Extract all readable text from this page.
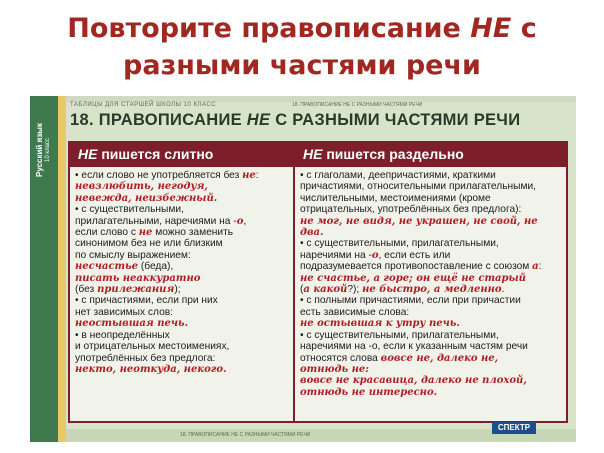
Повторите правописание НЕ с
разными частями речи
Русский язык 10 класс
ТАБЛИЦЫ ДЛЯ СТАРШЕЙ ШКОЛЫ 10 КЛАСС	18. ПРАВОПИСАНИЕ НЕ С РАЗНЫМИ ЧАСТЯМИ РЕЧИ
18. ПРАВОПИСАНИЕ НЕ С РАЗНЫМИ ЧАСТЯМИ РЕЧИ
НЕ пишется слитно	НЕ пишется раздельно
• если слово не употребляется без не:
невзлюбить, негодуя,
невежда, неизбежный.
• с существительными,
прилагательными, наречиями на -о,
если слово с не можно заменить
синонимом без не или близким
по смыслу выражением:
несчастье (беда),
писать неаккуратно
(без прилежания);
• с причастиями, если при них
нет зависимых слов:
неостывшая печь.
• в неопределённых
и отрицательных местоимениях,
употреблённых без предлога:
некто, неоткуда, некого.
• с глаголами, деепричастиями, краткими
причастиями, относительными прилагательными,
числительными, местоимениями (кроме
отрицательных, употреблённых без предлога):
не мог, не видя, не украшен, не свой, не два.
• с существительными, прилагательными,
наречиями на -о, если есть или
подразумевается противопоставление с союзом а:
не счастье, а горе; он ещё не старый
(а какой?); не быстро, а медленно.
• с полными причастиями, если при причастии
есть зависимые слова:
не остывшая к утру печь.
• с существительными, прилагательными,
наречиями на -о, если к указанным частям речи
относятся слова вовсе не, далеко не,
отнюдь не:
вовсе не красавица, далеко не плохой,
отнюдь не интересно.
18. ПРАВОПИСАНИЕ НЕ С РАЗНЫМИ ЧАСТЯМИ РЕЧИ
СПЕКТР
